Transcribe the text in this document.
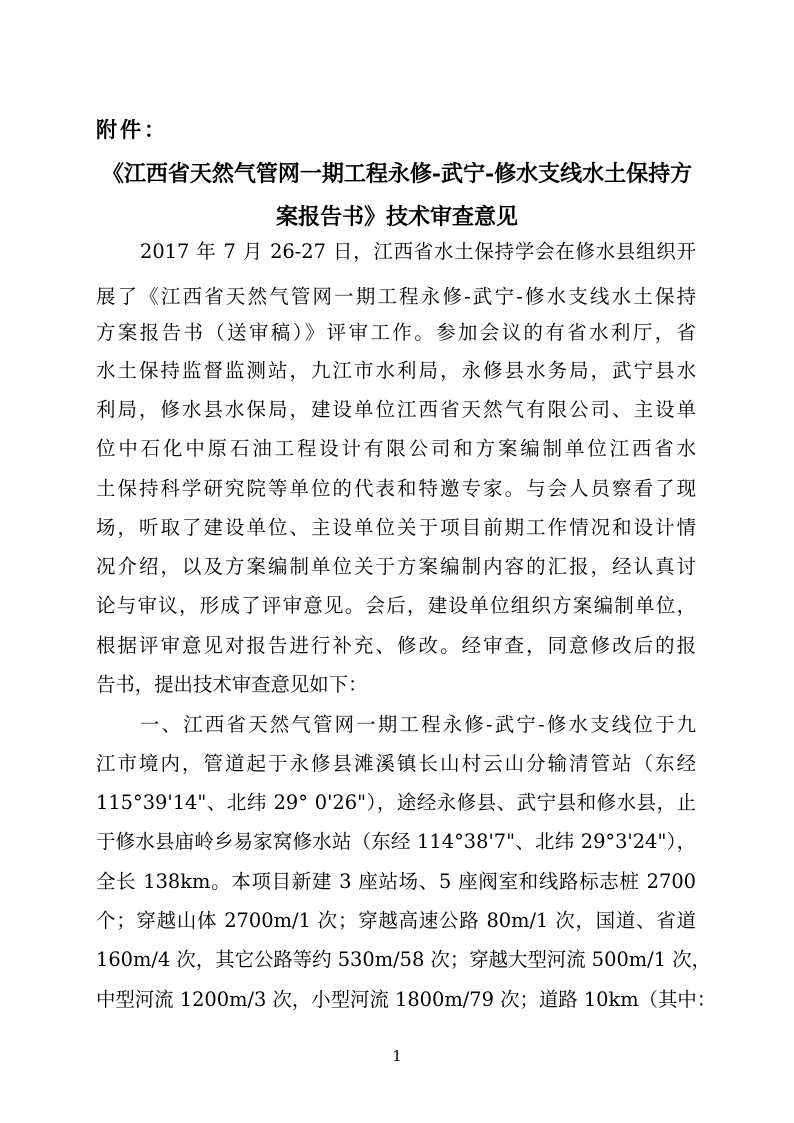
附件：
《江西省天然气管网一期工程永修-武宁-修水支线水土保持方
案报告书》技术审查意见
2017 年 7 月 26-27 日，江西省水土保持学会在修水县组织开
展了《江西省天然气管网一期工程永修-武宁-修水支线水土保持
方案报告书（送审稿）》评审工作。参加会议的有省水利厅，省
水土保持监督监测站，九江市水利局，永修县水务局，武宁县水
利局，修水县水保局，建设单位江西省天然气有限公司、主设单
位中石化中原石油工程设计有限公司和方案编制单位江西省水
土保持科学研究院等单位的代表和特邀专家。与会人员察看了现
场，听取了建设单位、主设单位关于项目前期工作情况和设计情
况介绍，以及方案编制单位关于方案编制内容的汇报，经认真讨
论与审议，形成了评审意见。会后，建设单位组织方案编制单位，
根据评审意见对报告进行补充、修改。经审查，同意修改后的报
告书，提出技术审查意见如下：
一、江西省天然气管网一期工程永修-武宁-修水支线位于九
江市境内，管道起于永修县滩溪镇长山村云山分输清管站（东经
115°39'14"、北纬 29° 0'26"），途经永修县、武宁县和修水县，止
于修水县庙岭乡易家窝修水站（东经 114°38'7"、北纬 29°3'24"），
全长 138km。本项目新建 3 座站场、5 座阀室和线路标志桩 2700
个；穿越山体 2700m/1 次；穿越高速公路 80m/1 次，国道、省道
160m/4 次，其它公路等约 530m/58 次；穿越大型河流 500m/1 次，
中型河流 1200m/3 次，小型河流 1800m/79 次；道路 10km（其中：
1
